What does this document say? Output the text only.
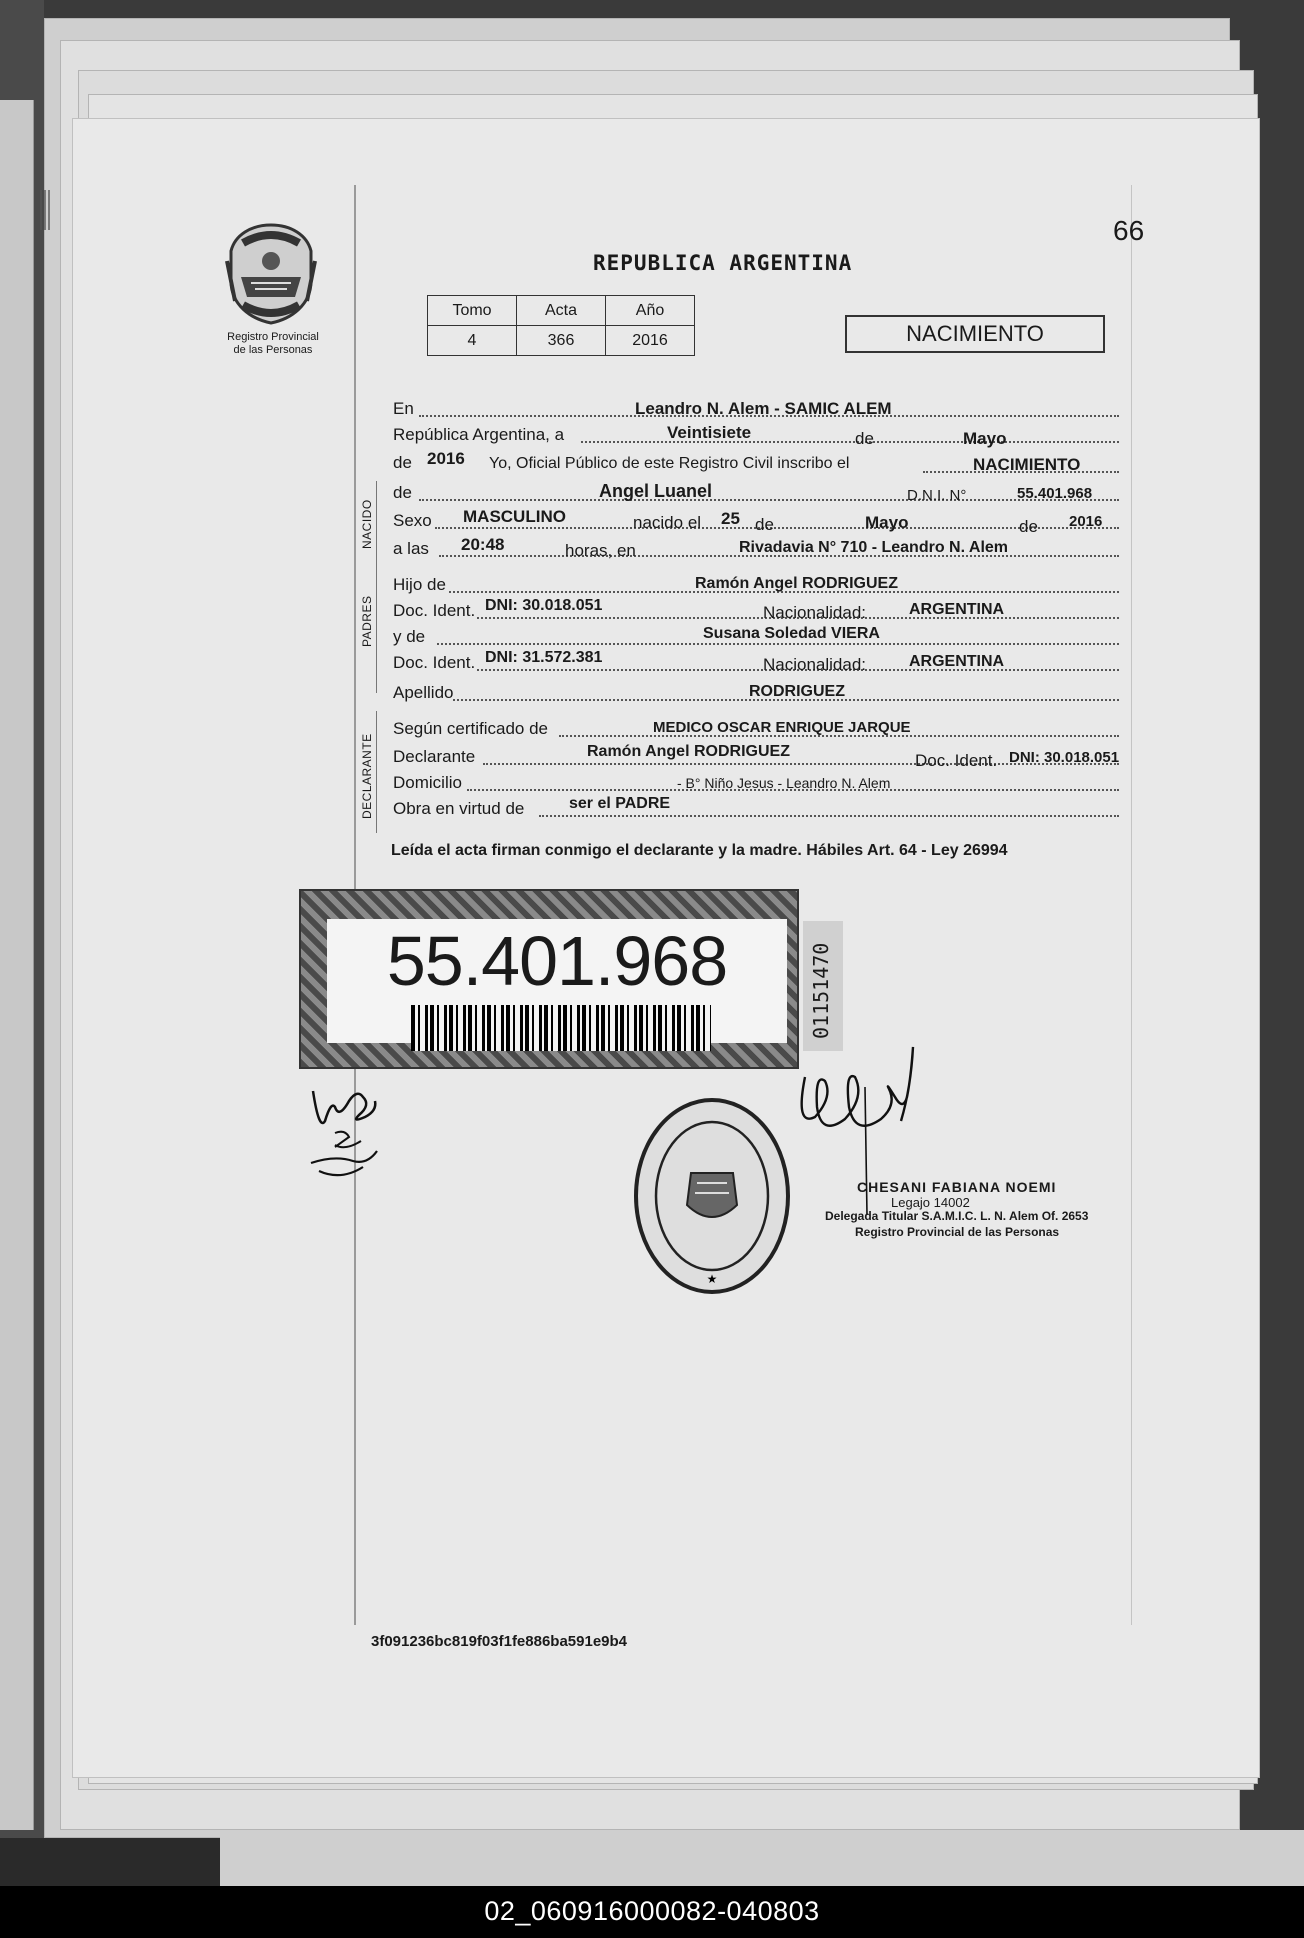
Registro Provincial
de las Personas
66
REPUBLICA ARGENTINA
Tomo	Acta	Año
4	366	2016	NACIMIENTO
En	Leandro N. Alem - SAMIC ALEM
República Argentina, a	Veintisiete	de	Mayo
de 2016 Yo, Oficial Público de este Registro Civil inscribo el	NACIMIENTO
NACIDO
de	Angel Luanel	D.N.I. N°	55.401.968
Sexo MASCULINO	nacido el 25 de	Mayo	de 2016
a las 20:48	horas, en	Rivadavia N° 710 - Leandro N. Alem
PADRES
Hijo de	Ramón Angel RODRIGUEZ
Doc. Ident. DNI: 30.018.051	Nacionalidad:	ARGENTINA
y de	Susana Soledad VIERA
Doc. Ident. DNI: 31.572.381	Nacionalidad:	ARGENTINA
Apellido	RODRIGUEZ
DECLARANTE
Según certificado de	MEDICO OSCAR ENRIQUE JARQUE
Declarante	Ramón Angel RODRIGUEZ	Doc. Ident. DNI: 30.018.051
Domicilio	- B° Niño Jesus - Leandro N. Alem
Obra en virtud de	ser el PADRE
Leída el acta firman conmigo el declarante y la madre. Hábiles Art. 64 - Ley 26994
55.401.968	01151470
★
CHESANI FABIANA NOEMI
Legajo 14002
Delegada Titular S.A.M.I.C. L. N. Alem Of. 2653
Registro Provincial de las Personas
3f091236bc819f03f1fe886ba591e9b4
02_060916000082-040803
